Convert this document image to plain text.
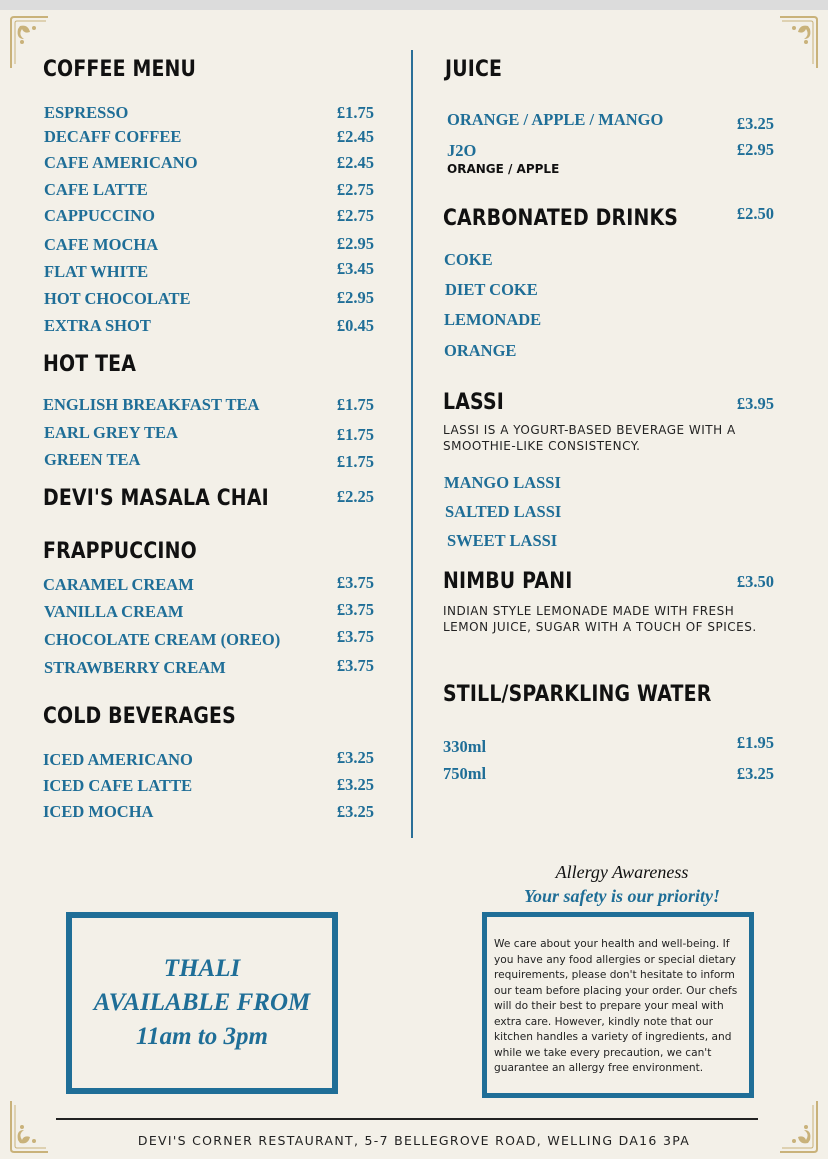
COFFEE MENU
ESPRESSO	£1.75
DECAFF COFFEE	£2.45
CAFE AMERICANO	£2.45
CAFE LATTE	£2.75
CAPPUCCINO	£2.75
CAFE MOCHA	£2.95
FLAT WHITE	£3.45
HOT CHOCOLATE	£2.95
EXTRA SHOT	£0.45
HOT TEA
ENGLISH BREAKFAST TEA	£1.75
EARL GREY TEA	£1.75
GREEN TEA	£1.75
DEVI'S MASALA CHAI	£2.25
FRAPPUCCINO
CARAMEL CREAM	£3.75
VANILLA CREAM	£3.75
CHOCOLATE CREAM (OREO)	£3.75
STRAWBERRY CREAM	£3.75
COLD BEVERAGES
ICED AMERICANO	£3.25
ICED CAFE LATTE	£3.25
ICED MOCHA	£3.25
JUICE
ORANGE / APPLE / MANGO	£3.25
J2O	£2.95
ORANGE / APPLE
CARBONATED DRINKS	£2.50
COKE
DIET COKE
LEMONADE
ORANGE
LASSI	£3.95
LASSI IS A YOGURT-BASED BEVERAGE WITH A
SMOOTHIE-LIKE CONSISTENCY.
MANGO LASSI
SALTED LASSI
SWEET LASSI
NIMBU PANI	£3.50
INDIAN STYLE LEMONADE MADE WITH FRESH
LEMON JUICE, SUGAR WITH A TOUCH OF SPICES.
STILL/SPARKLING WATER
330ml	£1.95
750ml	£3.25
THALI
AVAILABLE FROM
11am to 3pm
Allergy Awareness
Your safety is our priority!
We care about your health and well-being. If you have any food allergies or special dietary requirements, please don't hesitate to inform our team before placing your order. Our chefs will do their best to prepare your meal with extra care. However, kindly note that our kitchen handles a variety of ingredients, and while we take every precaution, we can't guarantee an allergy free environment.
DEVI'S CORNER RESTAURANT, 5-7 BELLEGROVE ROAD, WELLING DA16 3PA
